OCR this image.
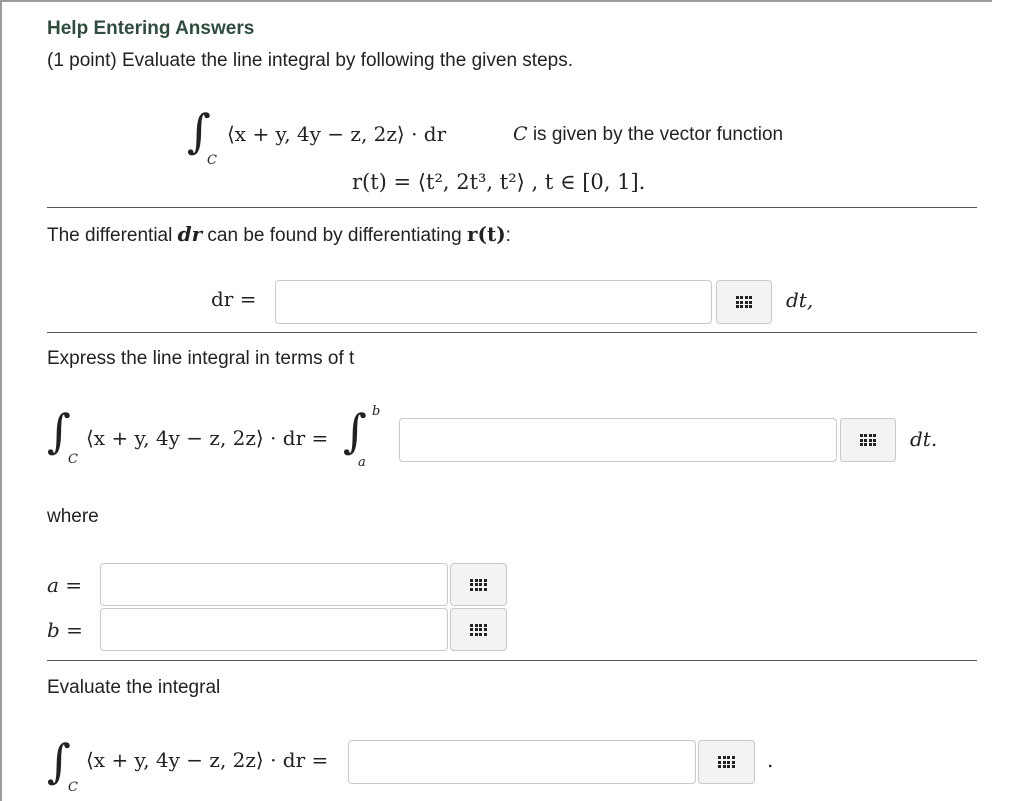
Help Entering Answers
(1 point) Evaluate the line integral by following the given steps.
∫
C
⟨x + y, 4y − z, 2z⟩ · dr	C is given by the vector function
r(t) = ⟨t², 2t³, t²⟩ , t ∈ [0, 1].
The differential dr can be found by differentiating r(t):
dr =	dt,
Express the line integral in terms of t
∫
C
⟨x + y, 4y − z, 2z⟩ · dr = ∫ b
a
dt.
where
a =
b =
Evaluate the integral
∫
C
⟨x + y, 4y − z, 2z⟩ · dr =	.
